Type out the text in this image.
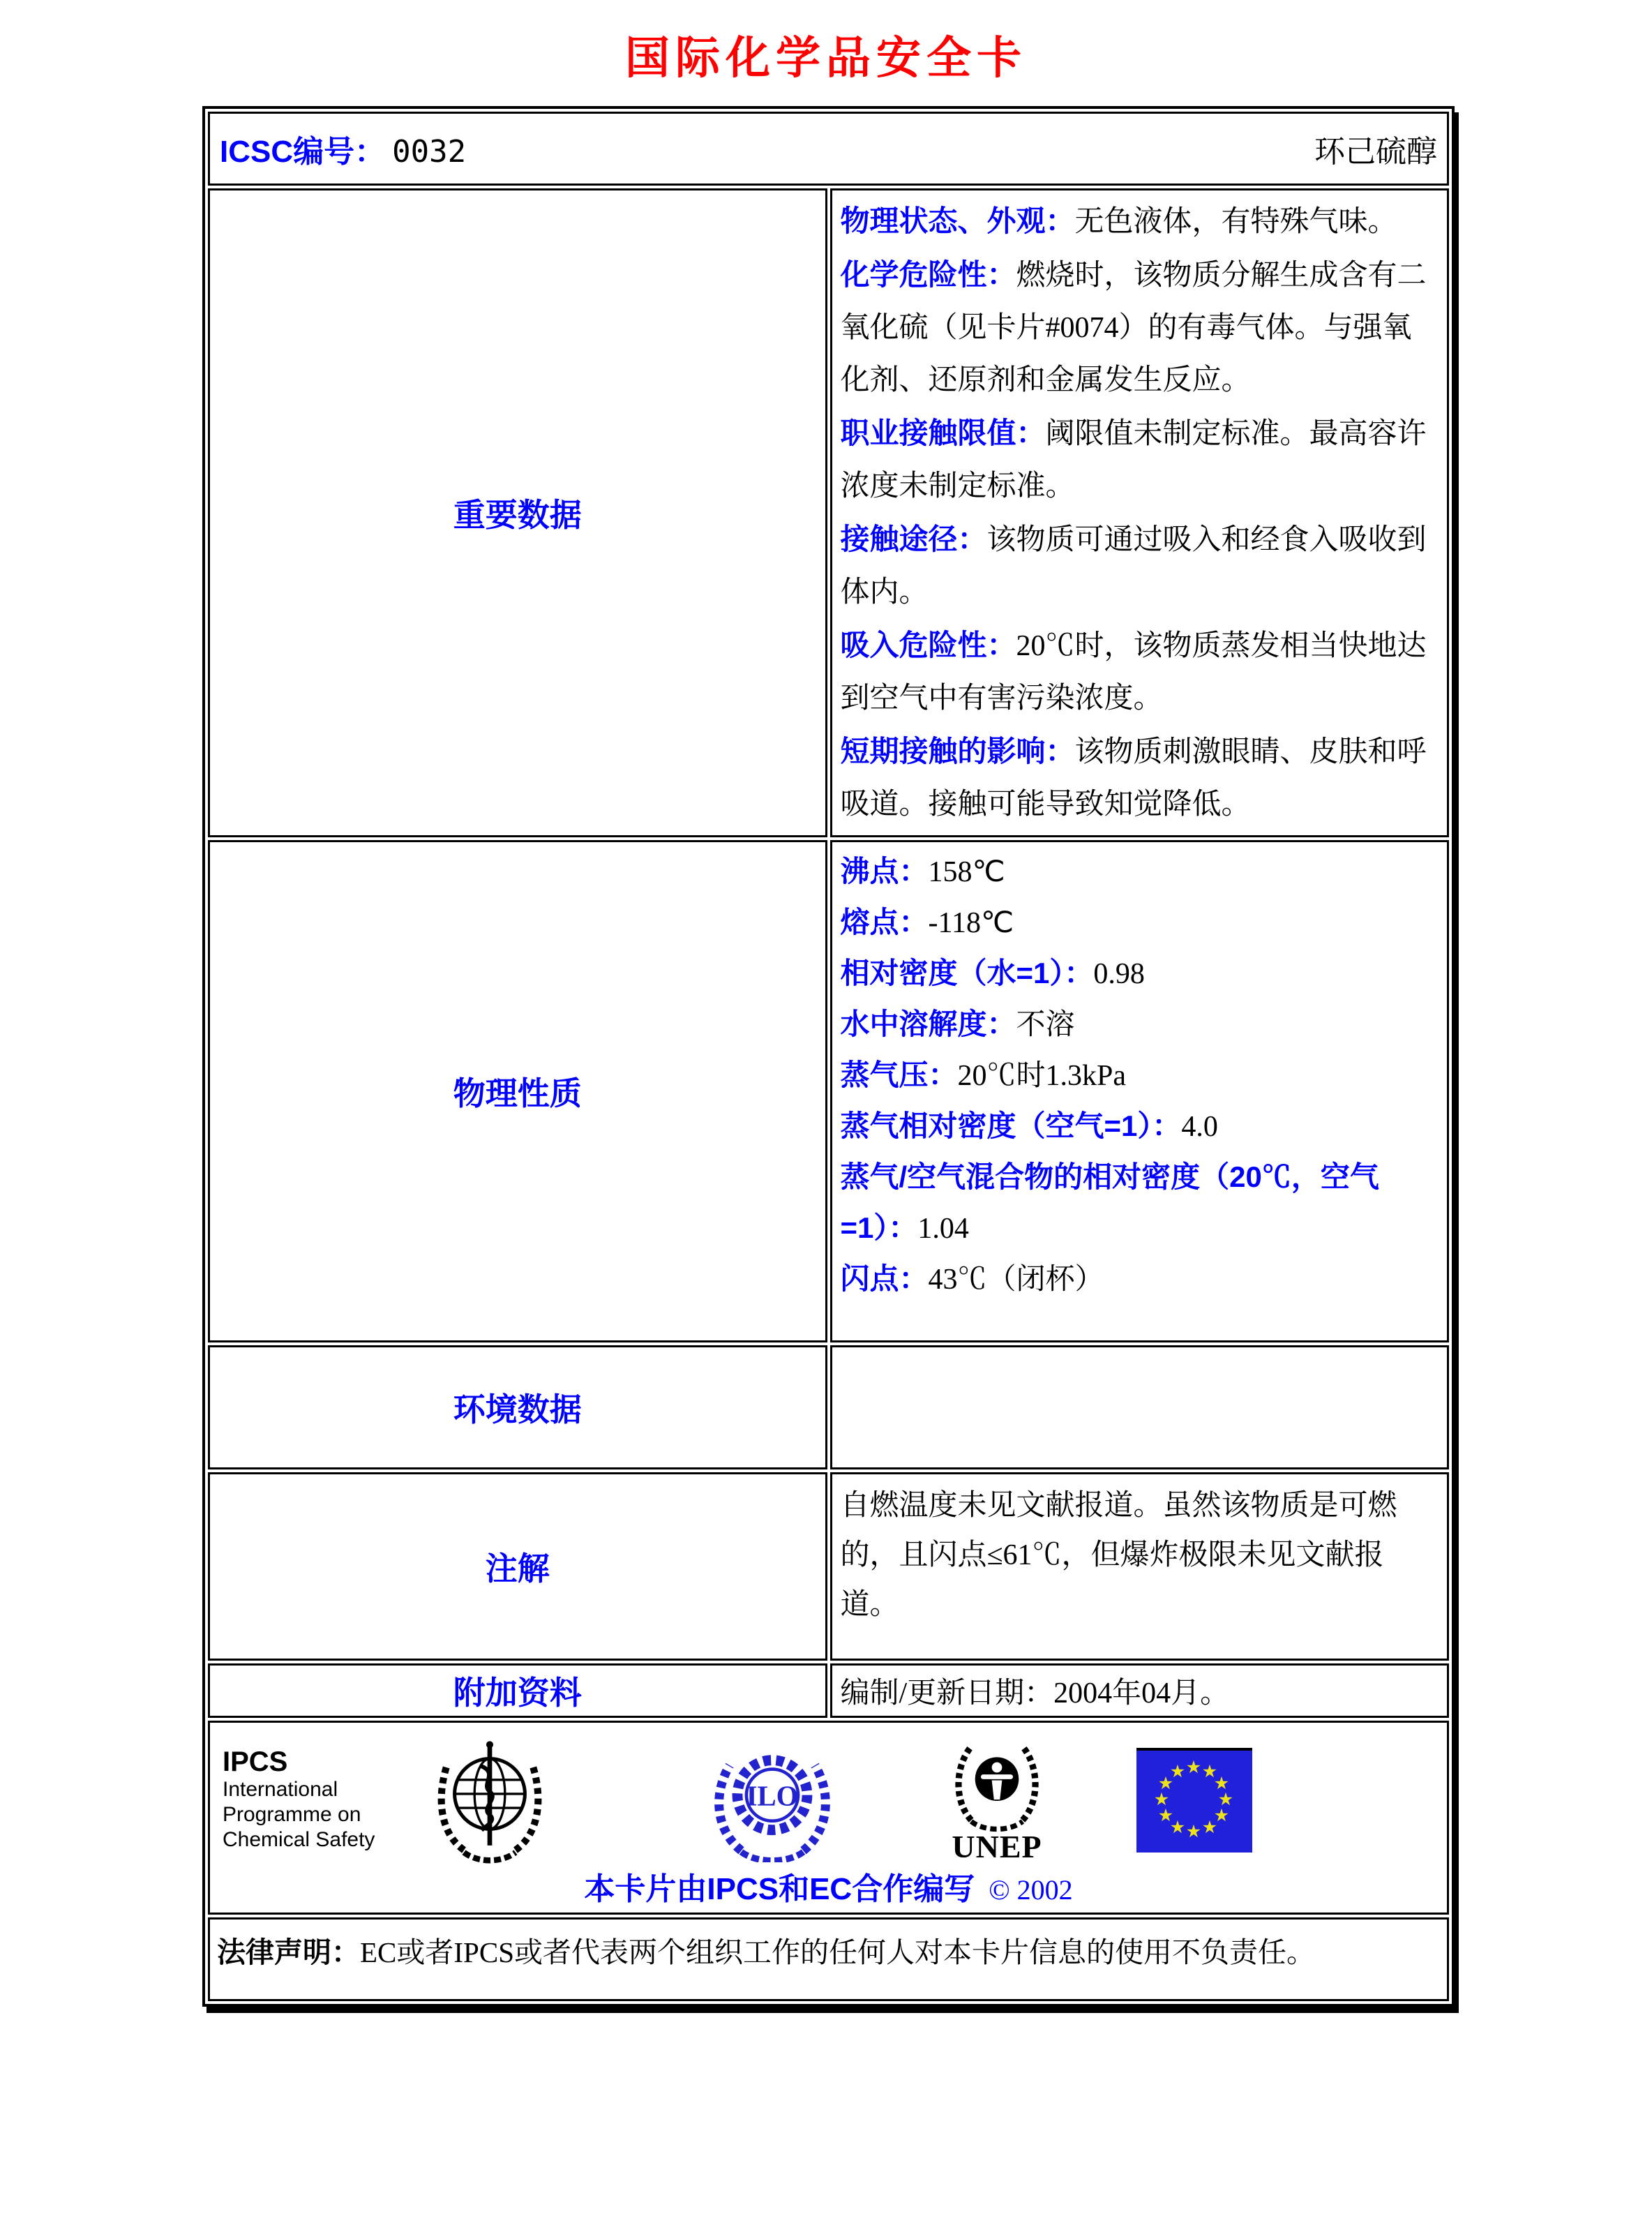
国际化学品安全卡
ICSC编号： 0032 环己硫醇	

重要数据	
物理状态、外观：无色液体，有特殊气味。
化学危险性：燃烧时，该物质分解生成含有二氧化硫（见卡片#0074）的有毒气体。与强氧化剂、还原剂和金属发生反应。
职业接触限值：阈限值未制定标准。最高容许浓度未制定标准。
接触途径：该物质可通过吸入和经食入吸收到体内。
吸入危险性：20℃时，该物质蒸发相当快地达到空气中有害污染浓度。
短期接触的影响：该物质刺激眼睛、皮肤和呼吸道。接触可能导致知觉降低。

物理性质	
沸点：158℃
熔点：-118℃
相对密度（水=1）：0.98
水中溶解度：不溶
蒸气压：20℃时1.3kPa
蒸气相对密度（空气=1）：4.0
蒸气/空气混合物的相对密度（20℃，空气=1）：1.04
闪点：43℃（闭杯）

环境数据	
注解	自燃温度未见文献报道。虽然该物质是可燃的，且闪点≤61℃，但爆炸极限未见文献报道。
附加资料	编制/更新日期：2004年04月。

IPCS
International
Programme on
Chemical Safety
ILO
UNEP
★
★
★
★
★
★
★
★
★
★
★
★
本卡片由IPCS和EC合作编写 © 2002

法律声明：EC或者IPCS或者代表两个组织工作的任何人对本卡片信息的使用不负责任。	
